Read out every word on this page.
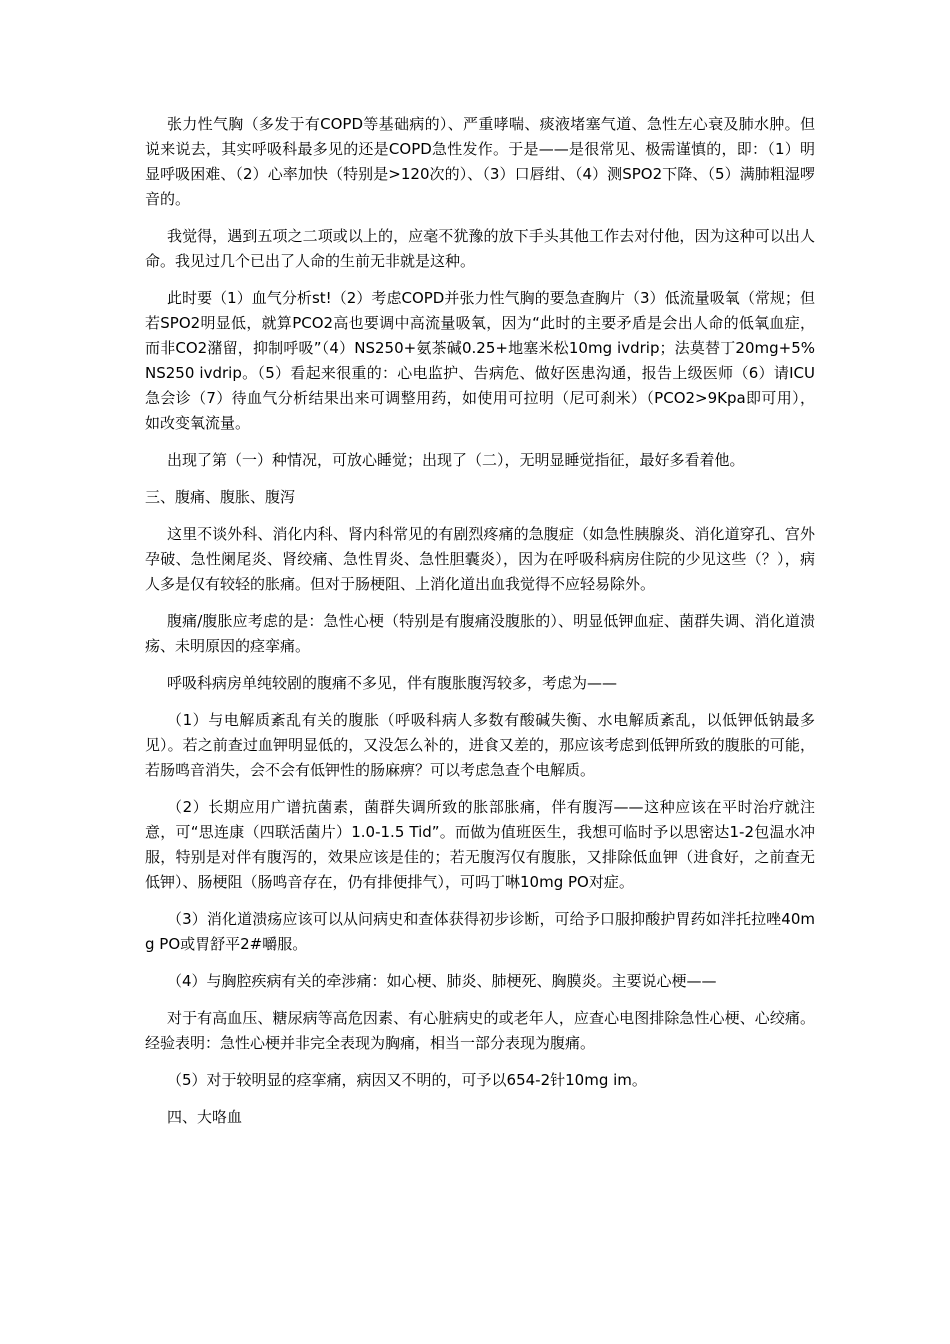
张力性气胸（多发于有COPD等基础病的）、严重哮喘、痰液堵塞气道、急性左心衰及肺水肿。但说来说去，其实呼吸科最多见的还是COPD急性发作。于是——是很常见、极需谨慎的，即：（1）明显呼吸困难、（2）心率加快（特别是>120次的）、（3）口唇绀、（4）测SPO2下降、（5）满肺粗湿啰音的。

我觉得，遇到五项之二项或以上的，应毫不犹豫的放下手头其他工作去对付他，因为这种可以出人命。我见过几个已出了人命的生前无非就是这种。

此时要（1）血气分析st!（2）考虑COPD并张力性气胸的要急查胸片（3）低流量吸氧（常规；但若SPO2明显低，就算PCO2高也要调中高流量吸氧，因为“此时的主要矛盾是会出人命的低氧血症，而非CO2潴留，抑制呼吸”（4）NS250+氨茶碱0.25+地塞米松10mg ivdrip；法莫替丁20mg+5%NS250 ivdrip。（5）看起来很重的：心电监护、告病危、做好医患沟通，报告上级医师（6）请ICU急会诊（7）待血气分析结果出来可调整用药，如使用可拉明（尼可刹米）（PCO2>9Kpa即可用），如改变氧流量。

出现了第（一）种情况，可放心睡觉；出现了（二），无明显睡觉指征，最好多看着他。

三、腹痛、腹胀、腹泻

这里不谈外科、消化内科、肾内科常见的有剧烈疼痛的急腹症（如急性胰腺炎、消化道穿孔、宫外孕破、急性阑尾炎、肾绞痛、急性胃炎、急性胆囊炎），因为在呼吸科病房住院的少见这些（？），病人多是仅有较轻的胀痛。但对于肠梗阻、上消化道出血我觉得不应轻易除外。

腹痛/腹胀应考虑的是：急性心梗（特别是有腹痛没腹胀的）、明显低钾血症、菌群失调、消化道溃疡、未明原因的痉挛痛。

呼吸科病房单纯较剧的腹痛不多见，伴有腹胀腹泻较多，考虑为——

（1）与电解质紊乱有关的腹胀（呼吸科病人多数有酸碱失衡、水电解质紊乱，以低钾低钠最多见）。若之前查过血钾明显低的，又没怎么补的，进食又差的，那应该考虑到低钾所致的腹胀的可能，若肠鸣音消失，会不会有低钾性的肠麻痹？可以考虑急查个电解质。

（2）长期应用广谱抗菌素，菌群失调所致的胀部胀痛，伴有腹泻——这种应该在平时治疗就注意，可“思连康（四联活菌片）1.0-1.5 Tid”。而做为值班医生，我想可临时予以思密达1-2包温水冲服，特别是对伴有腹泻的，效果应该是佳的；若无腹泻仅有腹胀，又排除低血钾（进食好，之前查无低钾）、肠梗阻（肠鸣音存在，仍有排便排气），可吗丁啉10mg PO对症。

（3）消化道溃疡应该可以从问病史和查体获得初步诊断，可给予口服抑酸护胃药如泮托拉唑40mg PO或胃舒平2#嚼服。

（4）与胸腔疾病有关的牵涉痛：如心梗、肺炎、肺梗死、胸膜炎。主要说心梗——

对于有高血压、糖尿病等高危因素、有心脏病史的或老年人，应查心电图排除急性心梗、心绞痛。经验表明：急性心梗并非完全表现为胸痛，相当一部分表现为腹痛。

（5）对于较明显的痉挛痛，病因又不明的，可予以654-2针10mg im。

四、大咯血
